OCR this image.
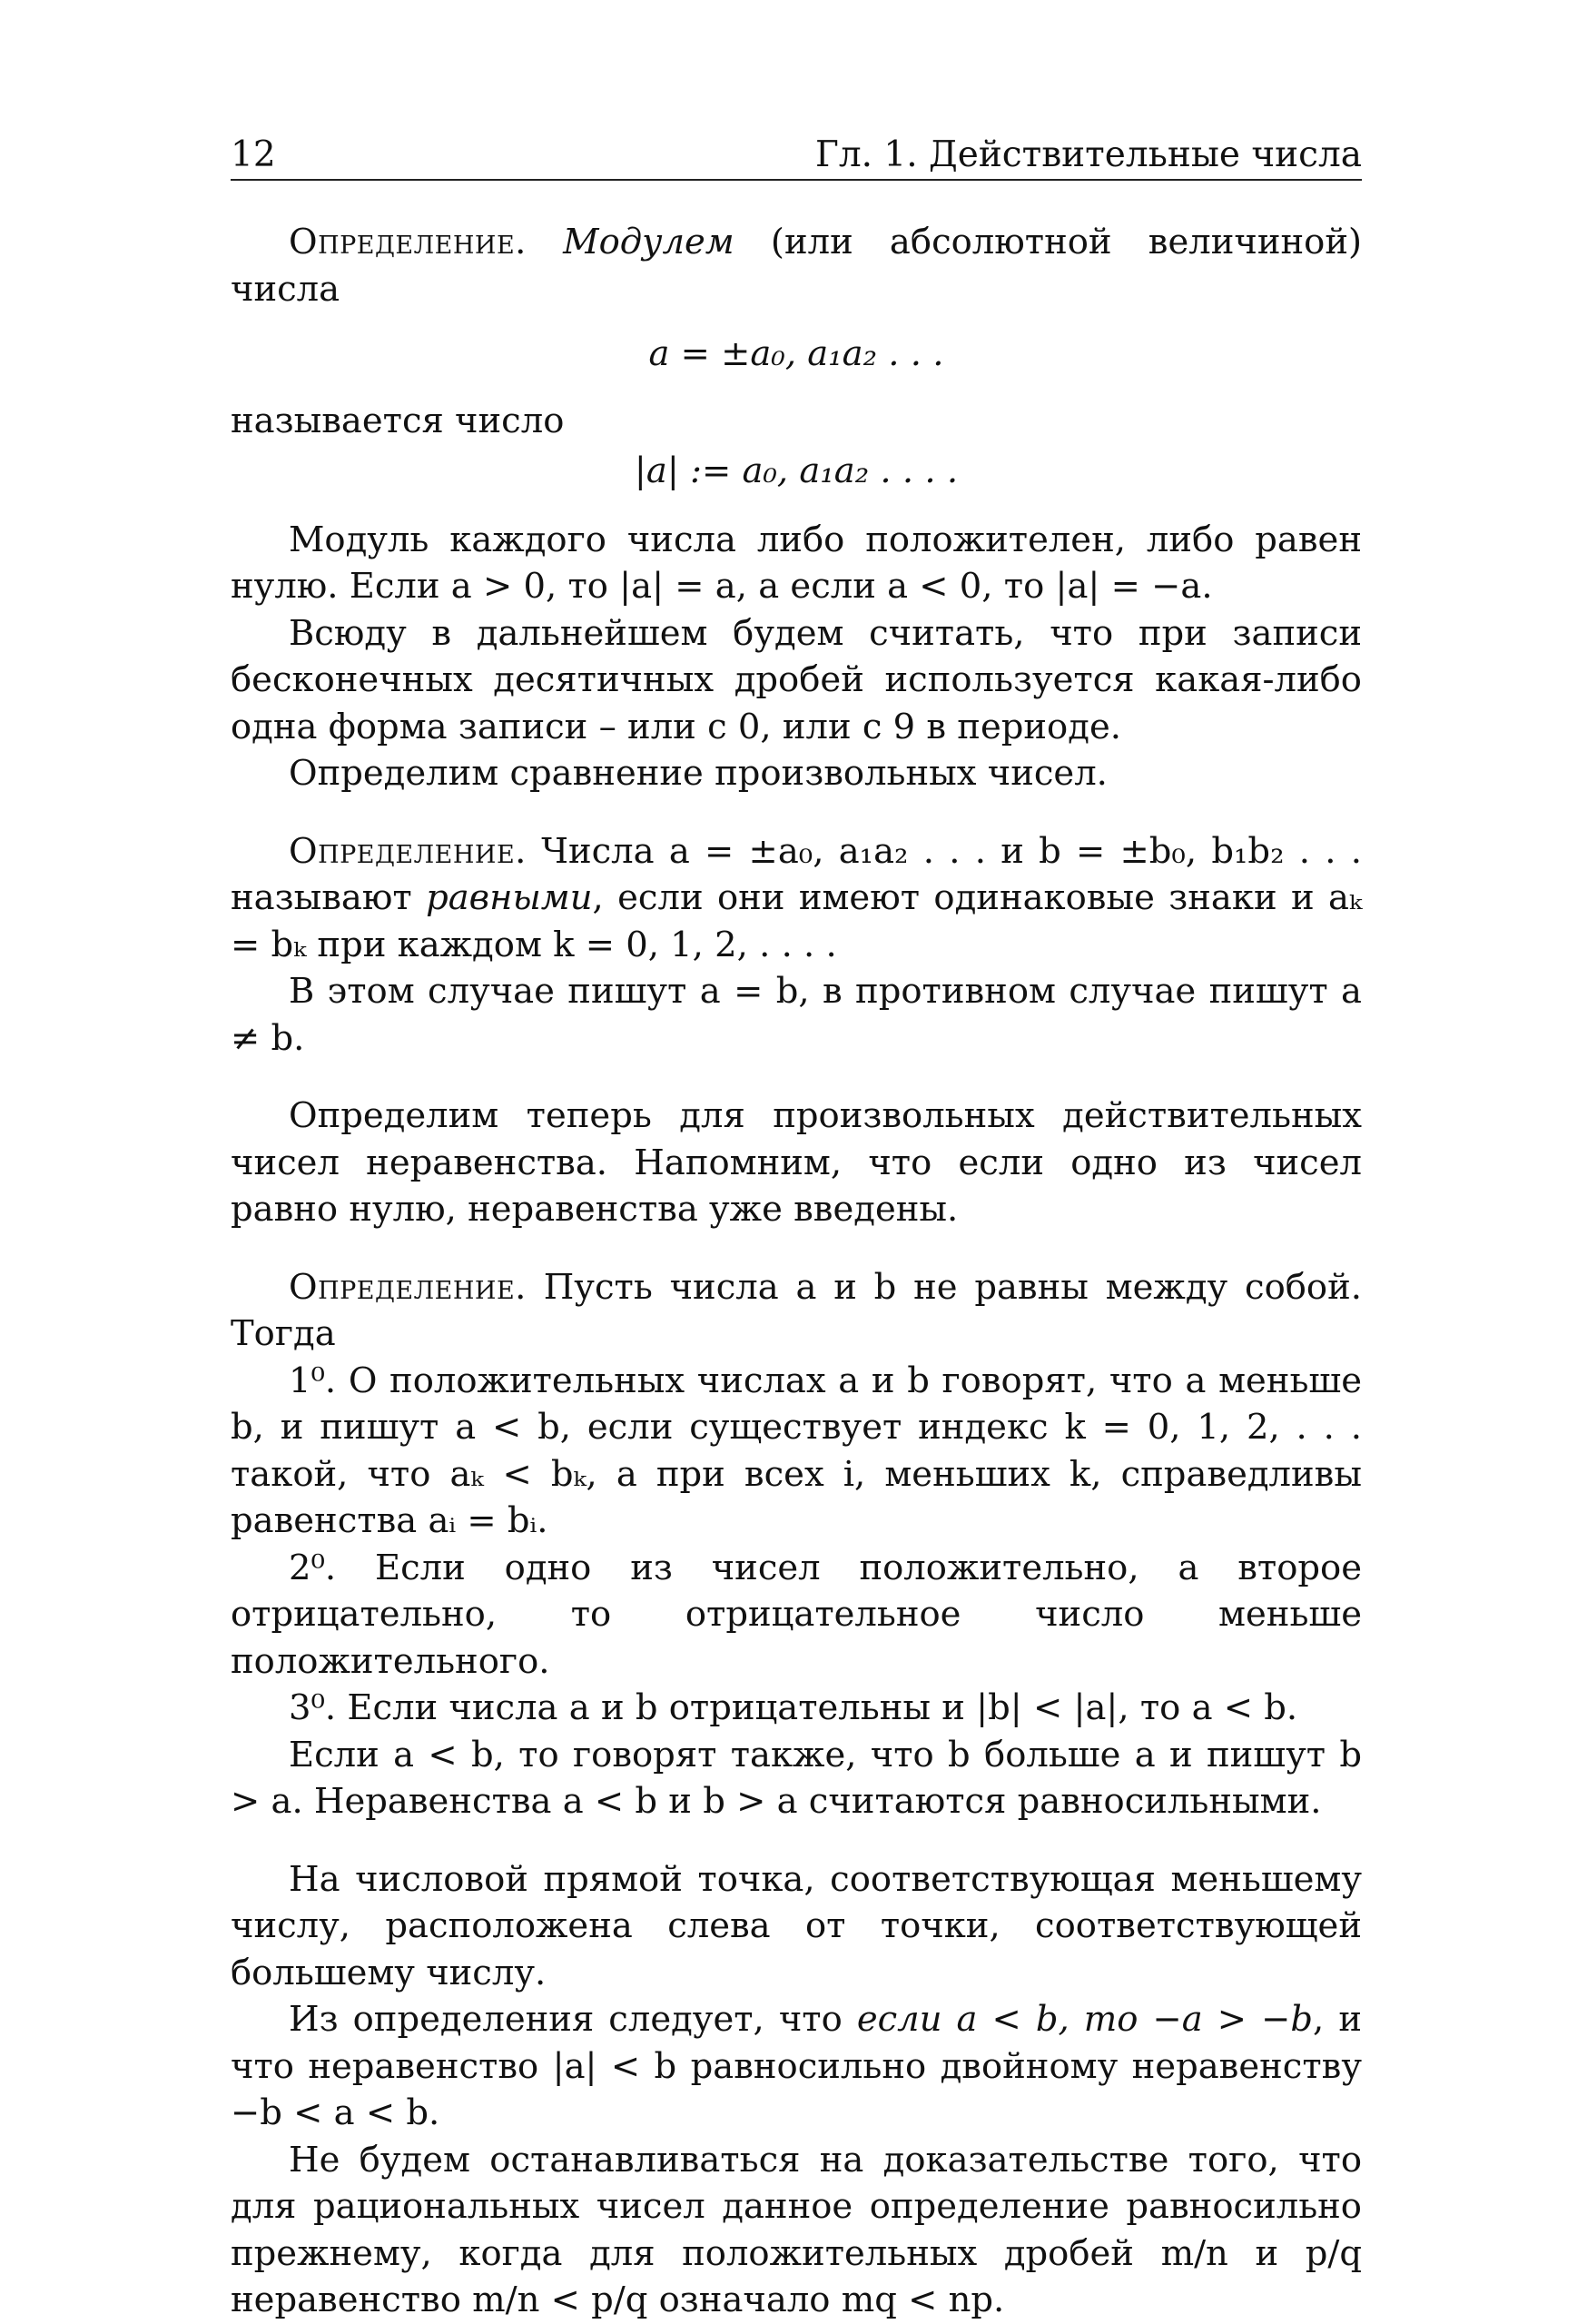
12	Гл. 1. Действительные числа

Определение. Модулем (или абсолютной величиной) числа

a = ±a₀, a₁a₂ . . .

называется число

|a| := a₀, a₁a₂ . . . .

Модуль каждого числа либо положителен, либо равен нулю. Если a > 0, то |a| = a, а если a < 0, то |a| = −a.

Всюду в дальнейшем будем считать, что при записи бесконечных десятичных дробей используется какая-либо одна форма записи – или с 0, или с 9 в периоде.

Определим сравнение произвольных чисел.

Определение. Числа a = ±a₀, a₁a₂ . . . и b = ±b₀, b₁b₂ . . . называют равными, если они имеют одинаковые знаки и aₖ = bₖ при каждом k = 0, 1, 2, . . . .

В этом случае пишут a = b, в противном случае пишут a ≠ b.

Определим теперь для произвольных действительных чисел неравенства. Напомним, что если одно из чисел равно нулю, неравенства уже введены.

Определение. Пусть числа a и b не равны между собой. Тогда

1⁰. О положительных числах a и b говорят, что a меньше b, и пишут a < b, если существует индекс k = 0, 1, 2, . . . такой, что aₖ < bₖ, а при всех i, меньших k, справедливы равенства aᵢ = bᵢ.

2⁰. Если одно из чисел положительно, а второе отрицательно, то отрицательное число меньше положительного.

3⁰. Если числа a и b отрицательны и |b| < |a|, то a < b.

Если a < b, то говорят также, что b больше a и пишут b > a. Неравенства a < b и b > a считаются равносильными.

На числовой прямой точка, соответствующая меньшему числу, расположена слева от точки, соответствующей большему числу.

Из определения следует, что если a < b, то −a > −b, и что неравенство |a| < b равносильно двойному неравенству −b < a < b.

Не будем останавливаться на доказательстве того, что для рациональных чисел данное определение равносильно прежнему, когда для положительных дробей m/n и p/q неравенство m/n < p/q означало mq < np.
